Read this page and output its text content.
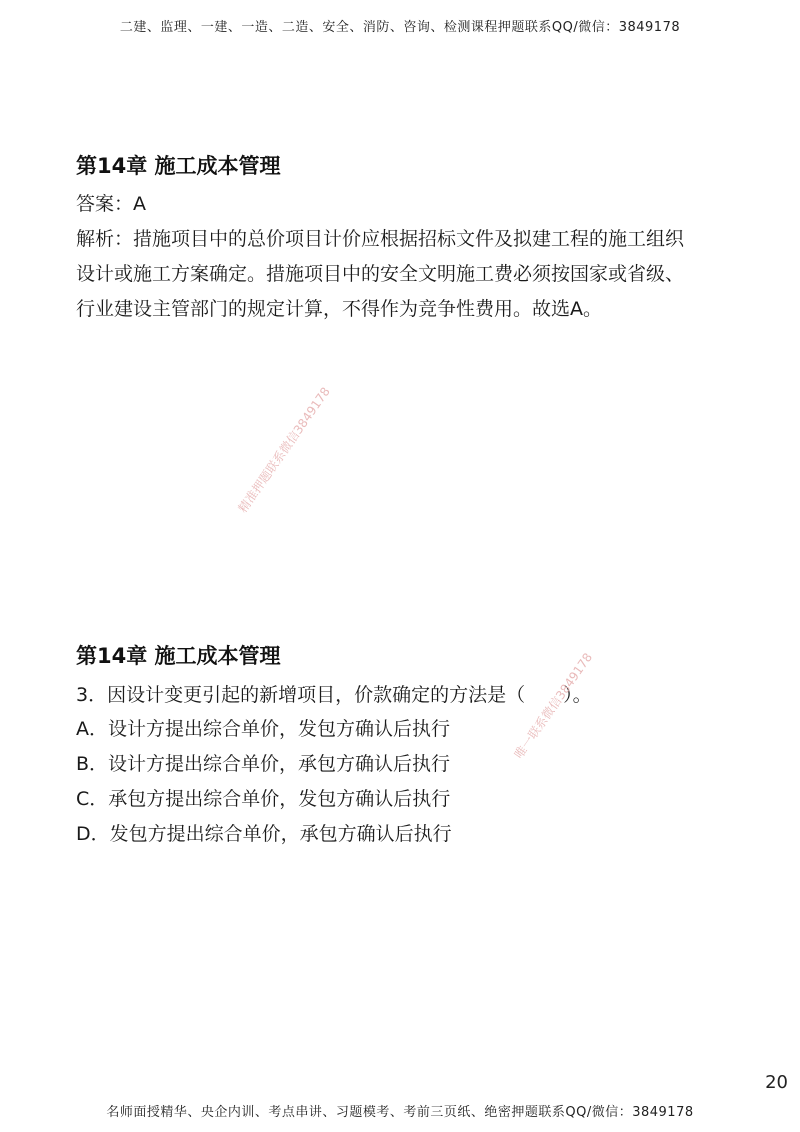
二建、监理、一建、一造、二造、安全、消防、咨询、检测课程押题联系QQ/微信：3849178
第14章 施工成本管理
答案：A
解析：措施项目中的总价项目计价应根据招标文件及拟建工程的施工组织
设计或施工方案确定。措施项目中的安全文明施工费必须按国家或省级、
行业建设主管部门的规定计算，不得作为竞争性费用。故选A。
精准押题联系微信3849178
第14章 施工成本管理
3．因设计变更引起的新增项目，价款确定的方法是（　　）。
A．设计方提出综合单价，发包方确认后执行
B．设计方提出综合单价，承包方确认后执行
C．承包方提出综合单价，发包方确认后执行
D．发包方提出综合单价，承包方确认后执行
唯一联系微信3849178
20
名师面授精华、央企内训、考点串讲、习题模考、考前三页纸、绝密押题联系QQ/微信：3849178
